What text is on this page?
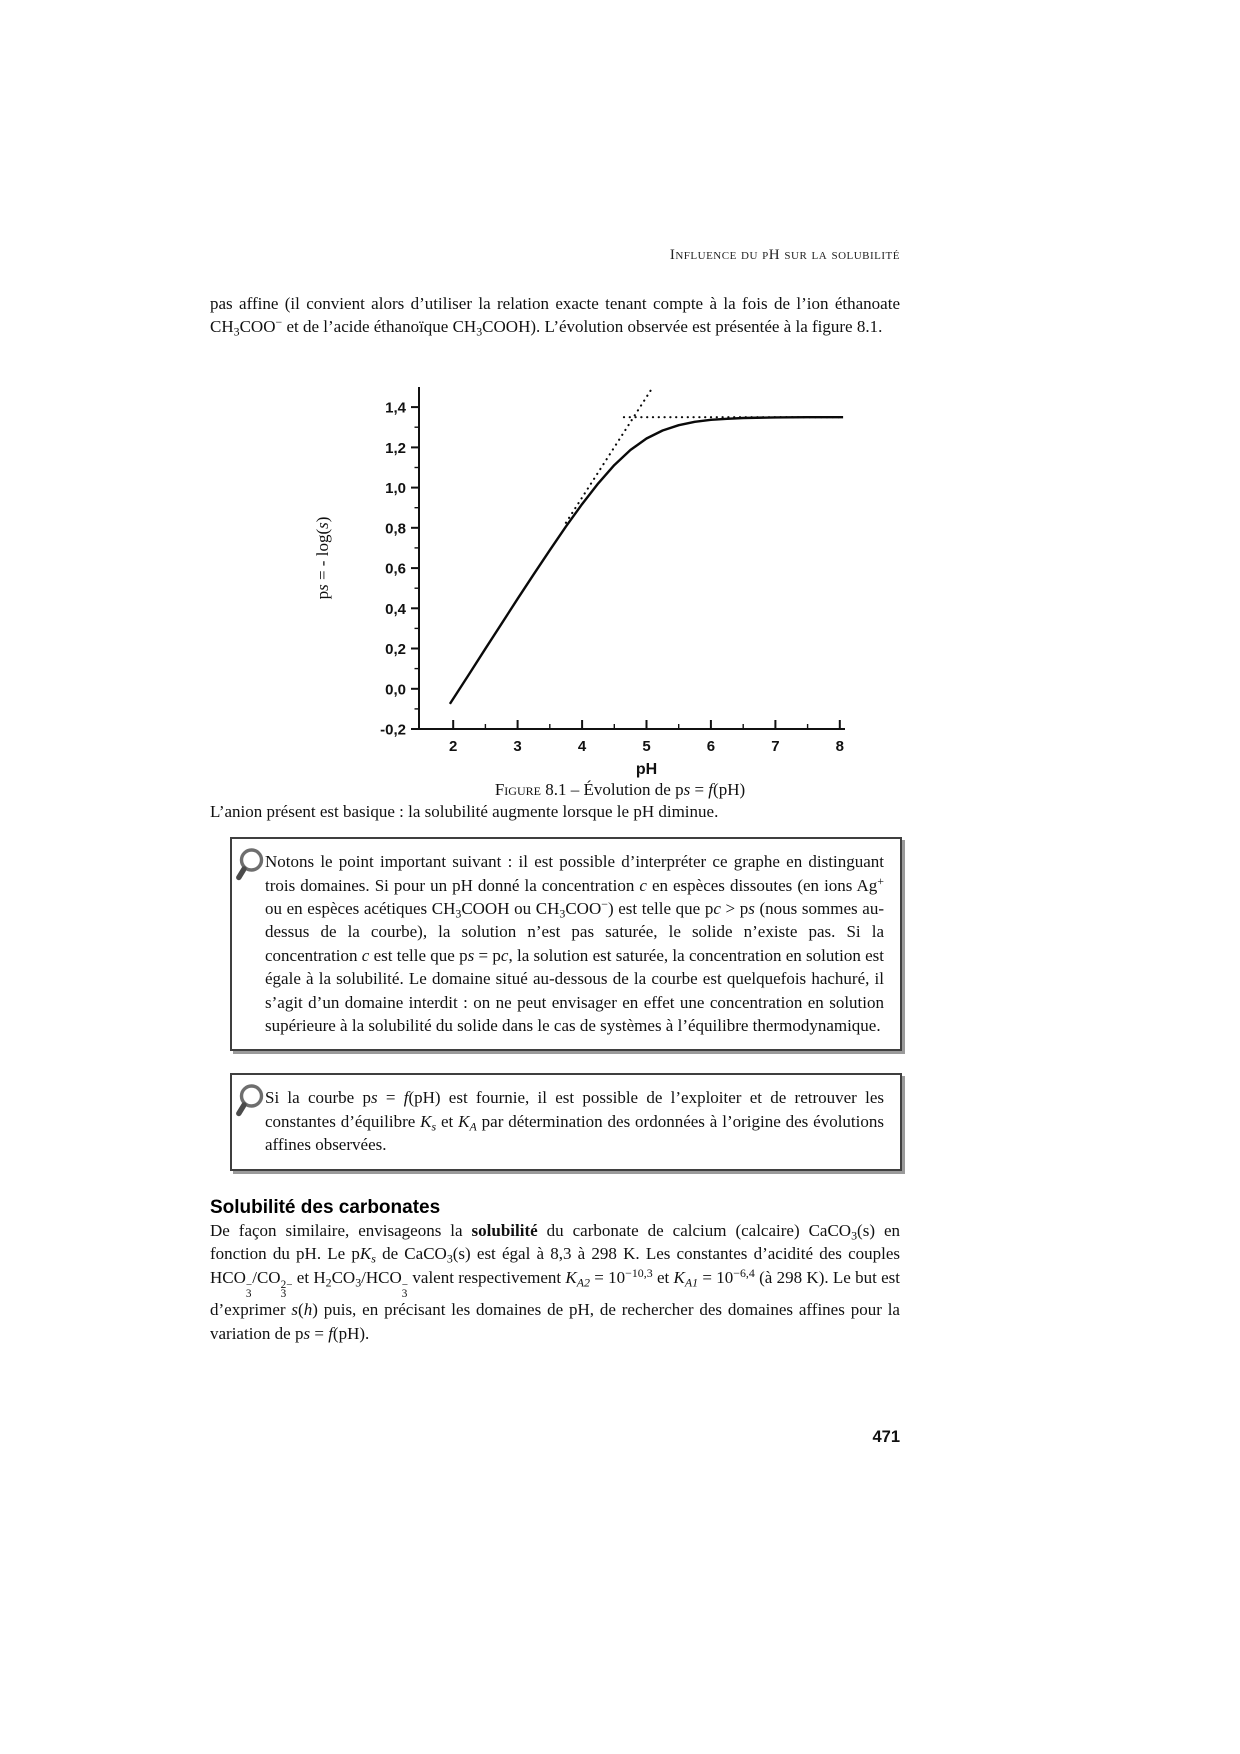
Influence du pH sur la solubilité

pas affine (il convient alors d’utiliser la relation exacte tenant compte à la fois de l’ion éthanoate $CH_3COO^-$ et de l’acide éthanoïque $CH_3COOH$). L’évolution observée est présentée à la figure 8.1.

2	3	4	5	6	7	8
-0,2
0,0
0,2
0,4
0,6
0,8
1,0
1,2
1,4
pH
ps = - log(s)
Figure 8.1 – Évolution de ps = f(pH)

L’anion présent est basique : la solubilité augmente lorsque le pH diminue.

Notons le point important suivant : il est possible d’interpréter ce graphe en distinguant trois domaines. Si pour un pH donné la concentration c en espèces dissoutes (en ions Ag+ ou en espèces acétiques $CH_3COOH$ ou $CH_3COO^-$) est telle que pc > ps (nous sommes au-dessus de la courbe), la solution n’est pas saturée, le solide n’existe pas. Si la concentration c est telle que ps = pc, la solution est saturée, la concentration en solution est égale à la solubilité. Le domaine situé au-dessous de la courbe est quelquefois hachuré, il s’agit d’un domaine interdit : on ne peut envisager en effet une concentration en solution supérieure à la solubilité du solide dans le cas de systèmes à l’équilibre thermodynamique.

Si la courbe ps = f(pH) est fournie, il est possible de l’exploiter et de retrouver les constantes d’équilibre $K_s$ et $K_A$ par détermination des ordonnées à l’origine des évolutions affines observées.

Solubilité des carbonates

De façon similaire, envisageons la solubilité du carbonate de calcium (calcaire) CaCO$_3$(s) en fonction du pH. Le $pK_s$ de CaCO$_3$(s) est égal à 8,3 à 298 K. Les constantes d’acidité des couples HCO −
3
/CO 2−
3
et $H_2CO_3$/HCO −
3
valent respectivement $K_{A2} = 10^{-10,3}$ et $K_{A1} = 10^{-6,4}$ (à 298 K). Le but est d’exprimer s(h) puis, en précisant les domaines de pH, de rechercher des domaines affines pour la variation de ps = f(pH).

471
